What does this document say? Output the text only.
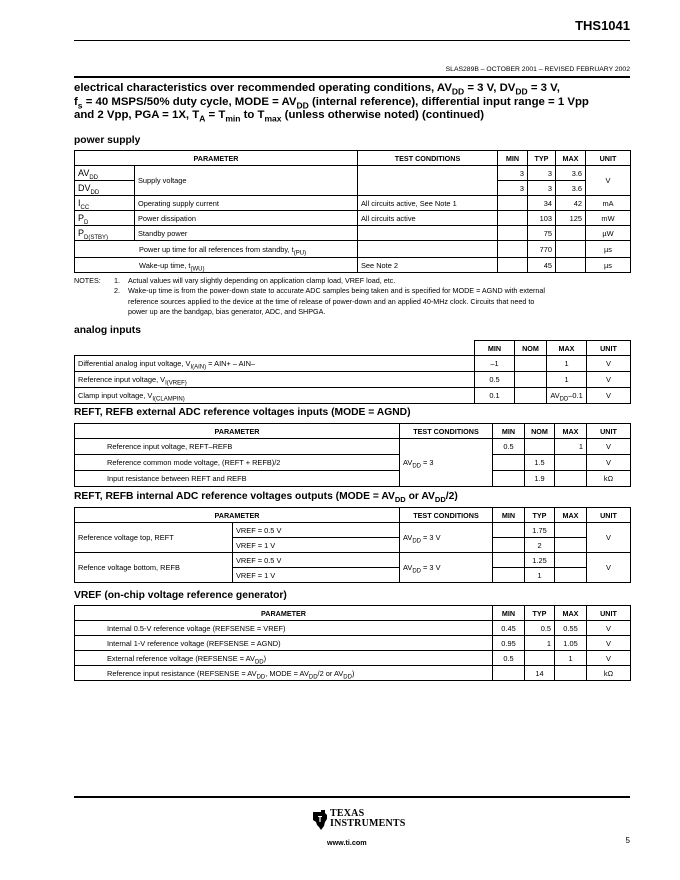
THS1041
SLAS289B – OCTOBER 2001 – REVISED FEBRUARY 2002
electrical characteristics over recommended operating conditions, $AV_{DD} = 3$ V, $DV_{DD} = 3$ V,
$f_s = 40$ MSPS/50% duty cycle, MODE = $AV_{DD}$ (internal reference), differential input range = 1 Vpp
and 2 Vpp, PGA = 1X, $T_A = T_{min}$ to $T_{max}$ (unless otherwise noted) (continued)
power supply
PARAMETER		TEST CONDITIONS	MIN	TYP	MAX	UNIT
$AV_{DD}$	Supply voltage		3	3	3.6	V
$DV_{DD}$			3	3	3.6	
$I_{CC}$	Operating supply current	All circuits active, See Note 1		34	42	mA
$P_D$	Power dissipation	All circuits active		103	125	mW
$P_{D(STBY)}$	Standby power			75		µW
Power up time for all references from standby, $t_{(PU)}$				770		µs
Wake-up time, $t_{(WU)}$		See Note 2		45		µs
NOTES:	1.	Actual values will vary slightly depending on application clamp load, VREF load, etc.
2.	Wake-up time is from the power-down state to accurate ADC samples being taken and is specified for MODE = AGND with external
reference sources applied to the device at the time of release of power-down and an applied 40-MHz clock. Circuits that need to
power up are the bandgap, bias generator, ADC, and SHPGA.
analog inputs
	MIN	NOM	MAX	UNIT
Differential analog input voltage, $V_{I(AIN)} = AIN+ - AIN-$	–1		1	V
Reference input voltage, $V_{I(VREF)}$	0.5		1	V
Clamp input voltage, $V_{I(CLAMPIN)}$	0.1		$AV_{DD}-0.1$	V
REFT, REFB external ADC reference voltages inputs (MODE = AGND)
PARAMETER	TEST CONDITIONS	MIN	NOM	MAX	UNIT
Reference input voltage, REFT–REFB	$AV_{DD} = 3$	0.5		1	V
Reference common mode voltage, (REFT + REFB)/2			1.5		V
Input resistance between REFT and REFB			1.9		kΩ
REFT, REFB internal ADC reference voltages outputs (MODE = $AV_{DD}$ or $AV_{DD}/2$)
PARAMETER		TEST CONDITIONS	MIN	TYP	MAX	UNIT
Reference voltage top, REFT	VREF = 0.5 V	$AV_{DD} = 3$ V		1.75		V
	VREF = 1 V			2		
Refence voltage bottom, REFB	VREF = 0.5 V	$AV_{DD} = 3$ V		1.25		V
	VREF = 1 V			1		
VREF (on-chip voltage reference generator)
PARAMETER	MIN	TYP	MAX	UNIT
Internal 0.5-V reference voltage (REFSENSE = VREF)	0.45	0.5	0.55	V
Internal 1-V reference voltage (REFSENSE = AGND)	0.95	1	1.05	V
External reference voltage (REFSENSE = $AV_{DD}$)	0.5		1	V
Reference input resistance (REFSENSE = $AV_{DD}$, MODE = $AV_{DD}/2$ or $AV_{DD}$)		14		kΩ
TEXAS
INSTRUMENTS
www.ti.com	5
